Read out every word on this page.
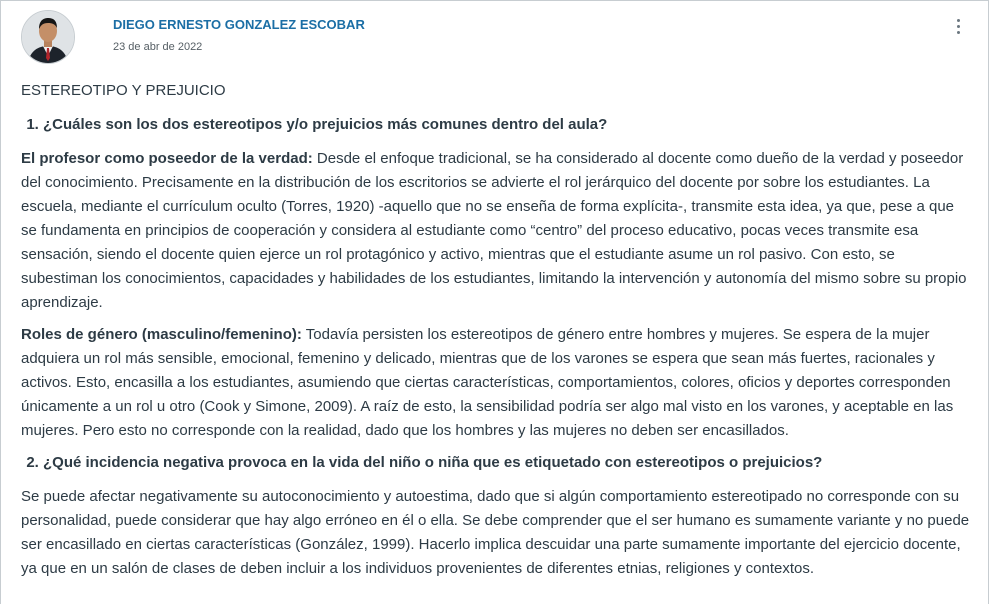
DIEGO ERNESTO GONZALEZ ESCOBAR
23 de abr de 2022
ESTEREOTIPO Y PREJUICIO
1. ¿Cuáles son los dos estereotipos y/o prejuicios más comunes dentro del aula?

El profesor como poseedor de la verdad: Desde el enfoque tradicional, se ha considerado al docente como dueño de la verdad y poseedor del conocimiento. Precisamente en la distribución de los escritorios se advierte el rol jerárquico del docente por sobre los estudiantes. La escuela, mediante el currículum oculto (Torres, 1920) -aquello que no se enseña de forma explícita-, transmite esta idea, ya que, pese a que se fundamenta en principios de cooperación y considera al estudiante como “centro” del proceso educativo, pocas veces transmite esa sensación, siendo el docente quien ejerce un rol protagónico y activo, mientras que el estudiante asume un rol pasivo. Con esto, se subestiman los conocimientos, capacidades y habilidades de los estudiantes, limitando la intervención y autonomía del mismo sobre su propio aprendizaje.

Roles de género (masculino/femenino): Todavía persisten los estereotipos de género entre hombres y mujeres. Se espera de la mujer adquiera un rol más sensible, emocional, femenino y delicado, mientras que de los varones se espera que sean más fuertes, racionales y activos. Esto, encasilla a los estudiantes, asumiendo que ciertas características, comportamientos, colores, oficios y deportes corresponden únicamente a un rol u otro (Cook y Simone, 2009). A raíz de esto, la sensibilidad podría ser algo mal visto en los varones, y aceptable en las mujeres. Pero esto no corresponde con la realidad, dado que los hombres y las mujeres no deben ser encasillados.

2. ¿Qué incidencia negativa provoca en la vida del niño o niña que es etiquetado con estereotipos o prejuicios?

Se puede afectar negativamente su autoconocimiento y autoestima, dado que si algún comportamiento estereotipado no corresponde con su personalidad, puede considerar que hay algo erróneo en él o ella. Se debe comprender que el ser humano es sumamente variante y no puede ser encasillado en ciertas características (González, 1999). Hacerlo implica descuidar una parte sumamente importante del ejercicio docente, ya que en un salón de clases de deben incluir a los individuos provenientes de diferentes etnias, religiones y contextos.
